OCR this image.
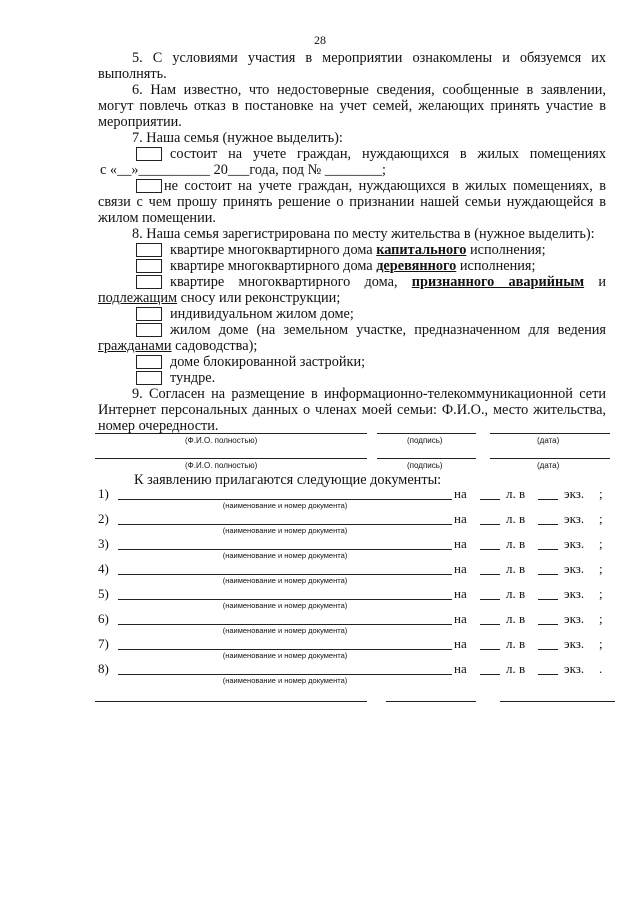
28

5. С условиями участия в мероприятии ознакомлены и обязуемся их выполнять.

6. Нам известно, что недостоверные сведения, сообщенные в заявлении, могут повлечь отказ в постановке на учет семей, желающих принять участие в мероприятии.

7. Наша семья (нужное выделить):

состоит на учете граждан, нуждающихся в жилых помещениях
с «__»__________ 20___года, под № ________;

не состоит на учете граждан, нуждающихся в жилых помещениях, в связи с чем прошу принять решение о признании нашей семьи нуждающейся в жилом помещении.

8. Наша семья зарегистрирована по месту жительства в (нужное выделить):

квартире многоквартирного дома капитального исполнения;
квартире многоквартирного дома деревянного исполнения;
квартире многоквартирного дома, признанного аварийным и
подлежащим сносу или реконструкции;
индивидуальном жилом доме;
жилом доме (на земельном участке, предназначенном для ведения
гражданами садоводства);
доме блокированной застройки;
тундре.

9. Согласен на размещение в информационно-телекоммуникационной сети Интернет персональных данных о членах моей семьи: Ф.И.О., место жительства, номер очередности.

(Ф.И.О. полностью)	(подпись)	(дата)
(Ф.И.О. полностью)	(подпись)	(дата)
К заявлению прилагаются следующие документы:
1)
(наименование и номер документа)
на	л. в	экз. ;
2)
(наименование и номер документа)
на	л. в	экз. ;
3)
(наименование и номер документа)
на	л. в	экз. ;
4)
(наименование и номер документа)
на	л. в	экз. ;
5)
(наименование и номер документа)
на	л. в	экз. ;
6)
(наименование и номер документа)
на	л. в	экз. ;
7)
(наименование и номер документа)
на	л. в	экз. ;
8)
(наименование и номер документа)
на	л. в	экз. .
